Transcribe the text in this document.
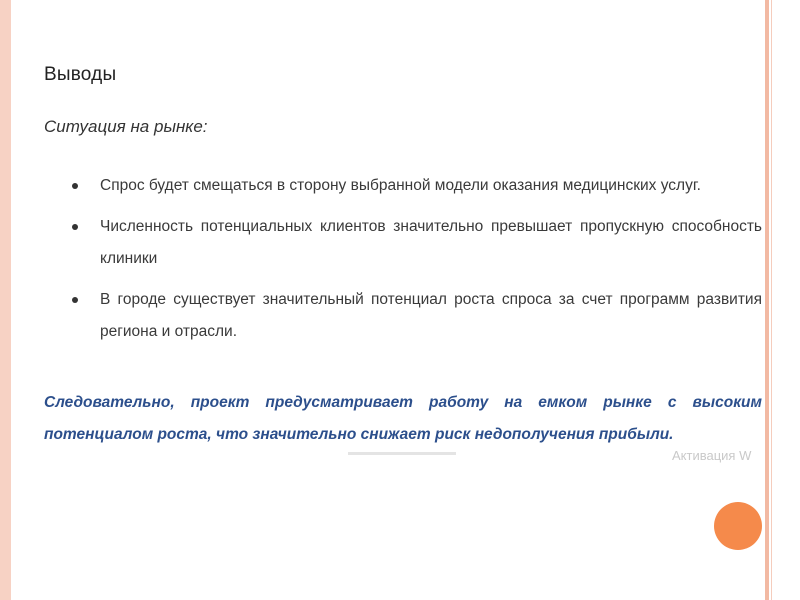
Выводы
Ситуация на рынке:
Спрос будет смещаться в сторону выбранной модели оказания медицинских услуг.
Численность потенциальных клиентов значительно превышает пропускную способность клиники
В городе существует значительный потенциал роста спроса за счет программ развития региона и отрасли.
Следовательно, проект предусматривает работу на емком рынке с высоким потенциалом роста, что значительно снижает риск недополучения прибыли.
Активация W
